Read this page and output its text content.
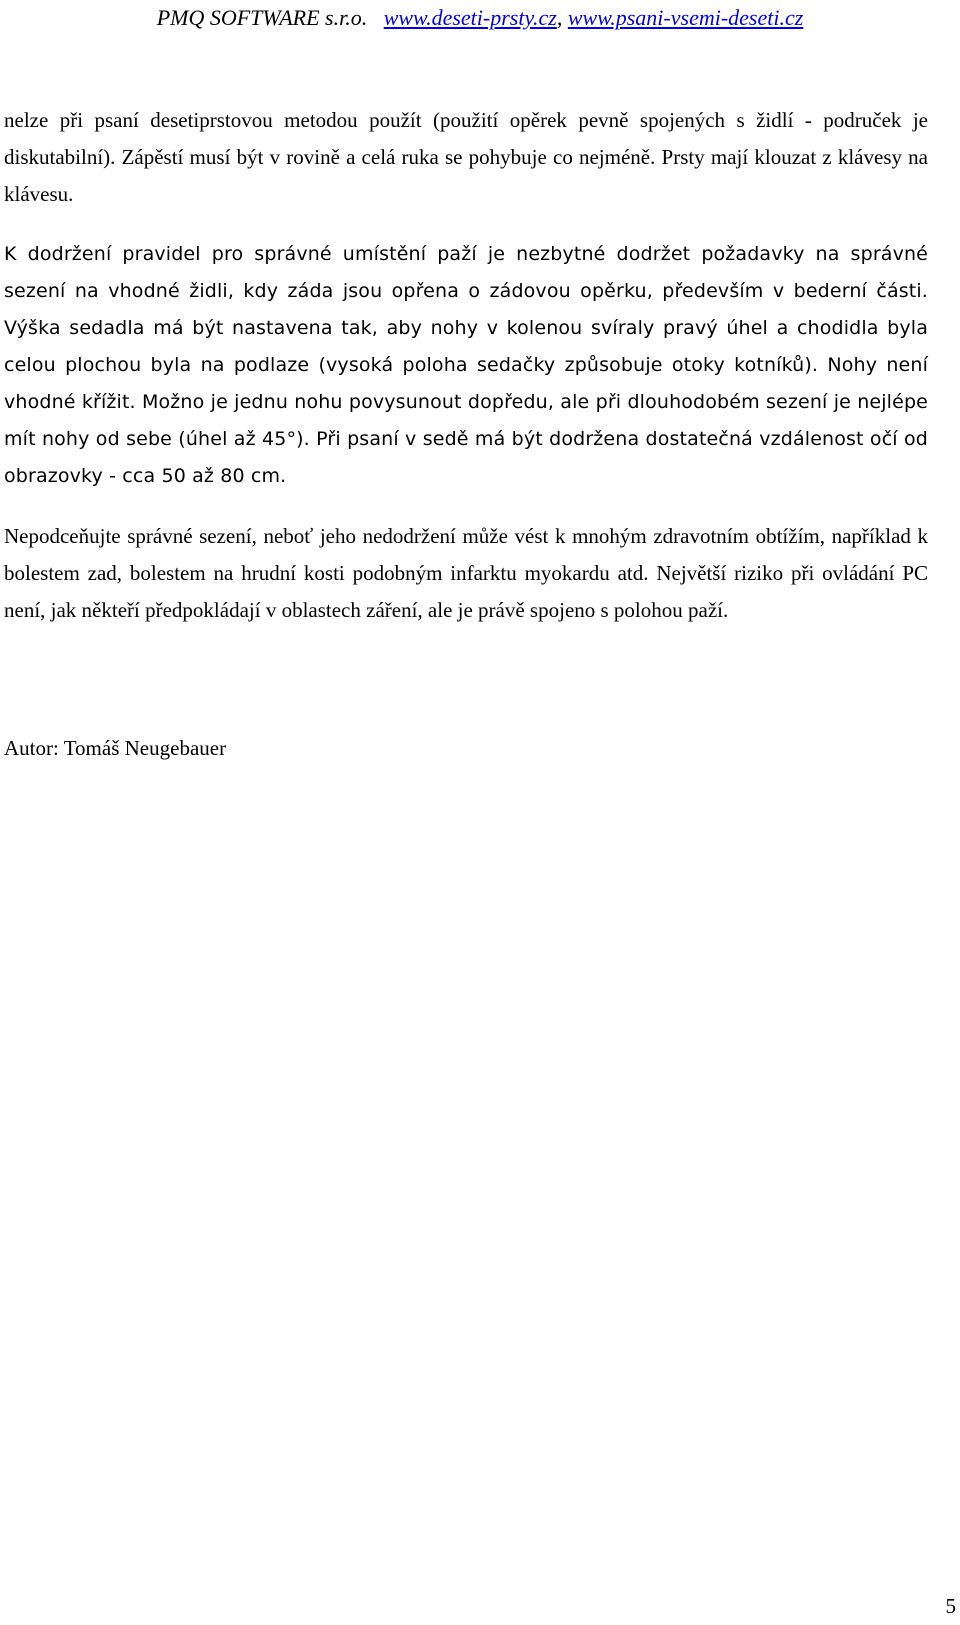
PMQ SOFTWARE s.r.o. www.deseti-prsty.cz, www.psani-vsemi-deseti.cz

nelze při psaní desetiprstovou metodou použít (použití opěrek pevně spojených s židlí - područek je diskutabilní). Zápěstí musí být v rovině a celá ruka se pohybuje co nejméně. Prsty mají klouzat z klávesy na klávesu.

K dodržení pravidel pro správné umístění paží je nezbytné dodržet požadavky na správné sezení na vhodné židli, kdy záda jsou opřena o zádovou opěrku, především v bederní části. Výška sedadla má být nastavena tak, aby nohy v kolenou svíraly pravý úhel a chodidla byla celou plochou byla na podlaze (vysoká poloha sedačky způsobuje otoky kotníků). Nohy není vhodné křížit. Možno je jednu nohu povysunout dopředu, ale při dlouhodobém sezení je nejlépe mít nohy od sebe (úhel až 45°). Při psaní v sedě má být dodržena dostatečná vzdálenost očí od obrazovky - cca 50 až 80 cm.

Nepodceňujte správné sezení, neboť jeho nedodržení může vést k mnohým zdravotním obtížím, například k bolestem zad, bolestem na hrudní kosti podobným infarktu myokardu atd. Největší riziko při ovládání PC není, jak někteří předpokládají v oblastech záření, ale je právě spojeno s polohou paží.

Autor: Tomáš Neugebauer
5
